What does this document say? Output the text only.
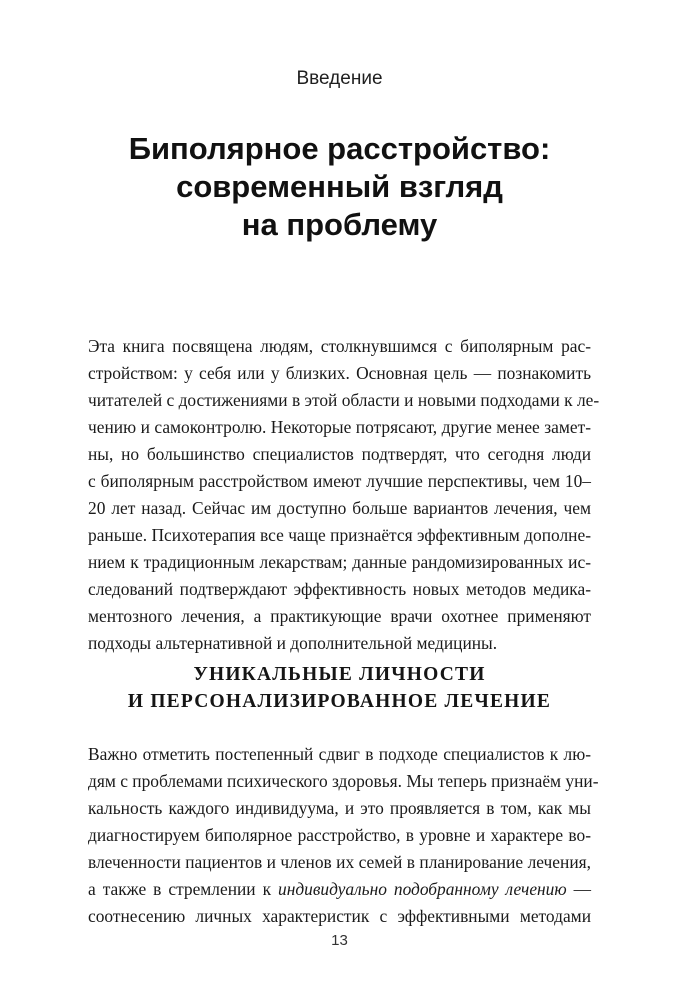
Введение
Биполярное расстройство:
современный взгляд
на проблему
Эта книга посвящена людям, столкнувшимся с биполярным рас-
стройством: у себя или у близких. Основная цель — познакомить
читателей с достижениями в этой области и новыми подходами к ле-
чению и самоконтролю. Некоторые потрясают, другие менее замет-
ны, но большинство специалистов подтвердят, что сегодня люди
с биполярным расстройством имеют лучшие перспективы, чем 10–
20 лет назад. Сейчас им доступно больше вариантов лечения, чем
раньше. Психотерапия все чаще признаётся эффективным дополне-
нием к традиционным лекарствам; данные рандомизированных ис-
следований подтверждают эффективность новых методов медика-
ментозного лечения, а практикующие врачи охотнее применяют
подходы альтернативной и дополнительной медицины.
УНИКАЛЬНЫЕ ЛИЧНОСТИ
И ПЕРСОНАЛИЗИРОВАННОЕ ЛЕЧЕНИЕ
Важно отметить постепенный сдвиг в подходе специалистов к лю-
дям с проблемами психического здоровья. Мы теперь признаём уни-
кальность каждого индивидуума, и это проявляется в том, как мы
диагностируем биполярное расстройство, в уровне и характере во-
влеченности пациентов и членов их семей в планирование лечения,
а также в стремлении к индивидуально подобранному лечению —
соотнесению личных характеристик с эффективными методами
13
